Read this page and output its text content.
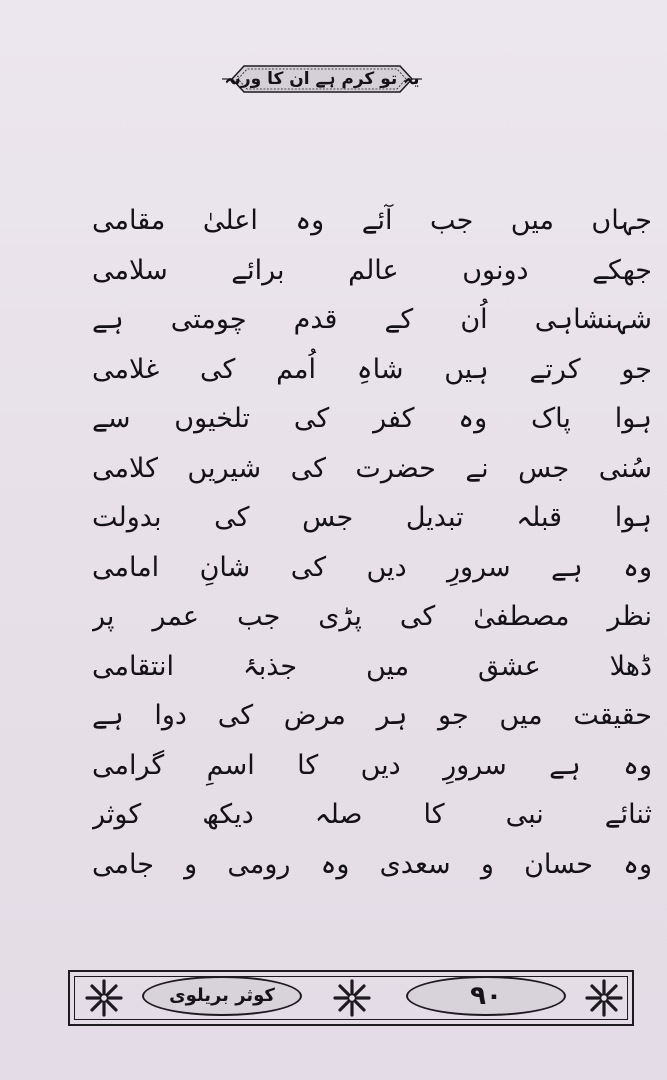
یہ تو کرم ہے ان کا ورنہ
جہاں میں جب آئے وہ اعلیٰ مقامی
جھکے دونوں عالم برائے سلامی
شہنشاہی اُن کے قدم چومتی ہے
جو کرتے ہیں شاہِ اُمم کی غلامی
ہوا پاک وہ کفر کی تلخیوں سے
سُنی جس نے حضرت کی شیریں کلامی
ہوا قبلہ تبدیل جس کی بدولت
وہ ہے سرورِ دیں کی شانِ امامی
نظر مصطفیٰ کی پڑی جب عمر پر
ڈھلا عشق میں جذبۂ انتقامی
حقیقت میں جو ہر مرض کی دوا ہے
وہ ہے سرورِ دیں کا اسمِ گرامی
ثنائے نبی کا صلہ دیکھ کوثر
وہ حسان و سعدی وہ رومی و جامی
کوثر بریلوی	٩٠
